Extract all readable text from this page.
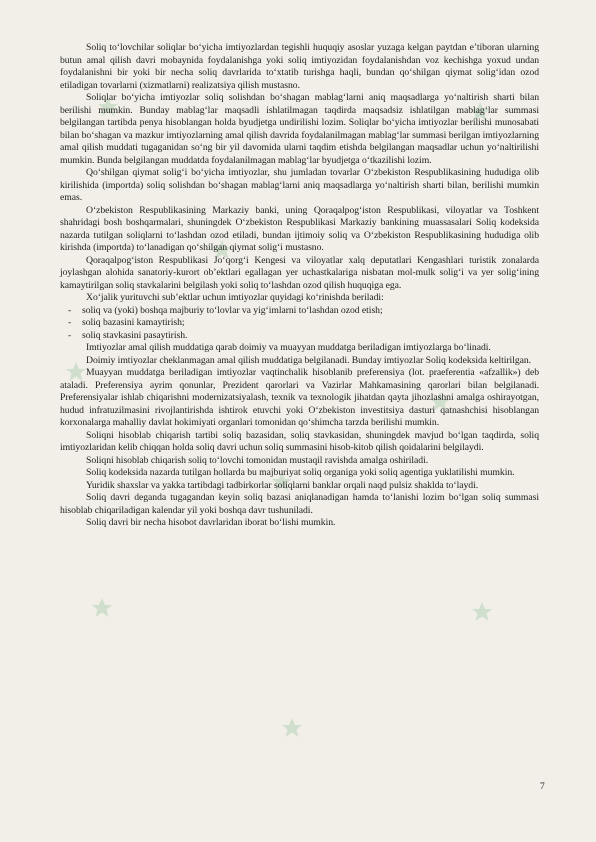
Soliq to‘lovchilar soliqlar bo‘yicha imtiyozlardan tegishli huquqiy asoslar yuzaga kelgan paytdan e’tiboran ularning butun amal qilish davri mobaynida foydalanishga yoki soliq imtiyozidan foydalanishdan voz kechishga yoxud undan foydalanishni bir yoki bir necha soliq davrlarida to‘xtatib turishga haqli, bundan qo‘shilgan qiymat solig‘idan ozod etiladigan tovarlarni (xizmatlarni) realizatsiya qilish mustasno.

Soliqlar bo‘yicha imtiyozlar soliq solishdan bo‘shagan mablag‘larni aniq maqsadlarga yo‘naltirish sharti bilan berilishi mumkin. Bunday mablag‘lar maqsadli ishlatilmagan taqdirda maqsadsiz ishlatilgan mablag‘lar summasi belgilangan tartibda penya hisoblangan holda byudjetga undirilishi lozim. Soliqlar bo‘yicha imtiyozlar berilishi munosabati bilan bo‘shagan va mazkur imtiyozlarning amal qilish davrida foydalanilmagan mablag‘lar summasi berilgan imtiyozlarning amal qilish muddati tugaganidan so‘ng bir yil davomida ularni taqdim etishda belgilangan maqsadlar uchun yo‘naltirilishi mumkin. Bunda belgilangan muddatda foydalanilmagan mablag‘lar byudjetga o‘tkazilishi lozim.

Qo‘shilgan qiymat solig‘i bo‘yicha imtiyozlar, shu jumladan tovarlar O‘zbekiston Respublikasining hududiga olib kirilishida (importda) soliq solishdan bo‘shagan mablag‘larni aniq maqsadlarga yo‘naltirish sharti bilan, berilishi mumkin emas.

O‘zbekiston Respublikasining Markaziy banki, uning Qoraqalpog‘iston Respublikasi, viloyatlar va Toshkent shahridagi bosh boshqarmalari, shuningdek O‘zbekiston Respublikasi Markaziy bankining muassasalari Soliq kodeksida nazarda tutilgan soliqlarni to‘lashdan ozod etiladi, bundan ijtimoiy soliq va O‘zbekiston Respublikasining hududiga olib kirishda (importda) to‘lanadigan qo‘shilgan qiymat solig‘i mustasno.

Qoraqalpog‘iston Respublikasi Jo‘qorg‘i Kengesi va viloyatlar xalq deputatlari Kengashlari turistik zonalarda joylashgan alohida sanatoriy-kurort ob’ektlari egallagan yer uchastkalariga nisbatan mol-mulk solig‘i va yer solig‘ining kamaytirilgan soliq stavkalarini belgilash yoki soliq to‘lashdan ozod qilish huquqiga ega.

Xo‘jalik yurituvchi sub’ektlar uchun imtiyozlar quyidagi ko‘rinishda beriladi:

- soliq va (yoki) boshqa majburiy to‘lovlar va yig‘imlarni to‘lashdan ozod etish;
- soliq bazasini kamaytirish;
- soliq stavkasini pasaytirish.

Imtiyozlar amal qilish muddatiga qarab doimiy va muayyan muddatga beriladigan imtiyozlarga bo‘linadi.

Doimiy imtiyozlar cheklanmagan amal qilish muddatiga belgilanadi. Bunday imtiyozlar Soliq kodeksida keltirilgan.

Muayyan muddatga beriladigan imtiyozlar vaqtinchalik hisoblanib preferensiya (lot. praeferentia «afzallik») deb ataladi. Preferensiya ayrim qonunlar, Prezident qarorlari va Vazirlar Mahkamasining qarorlari bilan belgilanadi. Preferensiyalar ishlab chiqarishni modernizatsiyalash, texnik va texnologik jihatdan qayta jihozlashni amalga oshirayotgan, hudud infratuzilmasini rivojlantirishda ishtirok etuvchi yoki O‘zbekiston investitsiya dasturi qatnashchisi hisoblangan korxonalarga mahalliy davlat hokimiyati organlari tomonidan qo‘shimcha tarzda berilishi mumkin.

Soliqni hisoblab chiqarish tartibi soliq bazasidan, soliq stavkasidan, shuningdek mavjud bo‘lgan taqdirda, soliq imtiyozlaridan kelib chiqqan holda soliq davri uchun soliq summasini hisob-kitob qilish qoidalarini belgilaydi.

Soliqni hisoblab chiqarish soliq to‘lovchi tomonidan mustaqil ravishda amalga oshiriladi.

Soliq kodeksida nazarda tutilgan hollarda bu majburiyat soliq organiga yoki soliq agentiga yuklatilishi mumkin.

Yuridik shaxslar va yakka tartibdagi tadbirkorlar soliqlarni banklar orqali naqd pulsiz shaklda to‘laydi.

Soliq davri deganda tugagandan keyin soliq bazasi aniqlanadigan hamda to‘lanishi lozim bo‘lgan soliq summasi hisoblab chiqariladigan kalendar yil yoki boshqa davr tushuniladi.

Soliq davri bir necha hisobot davrlaridan iborat bo‘lishi mumkin.

7
